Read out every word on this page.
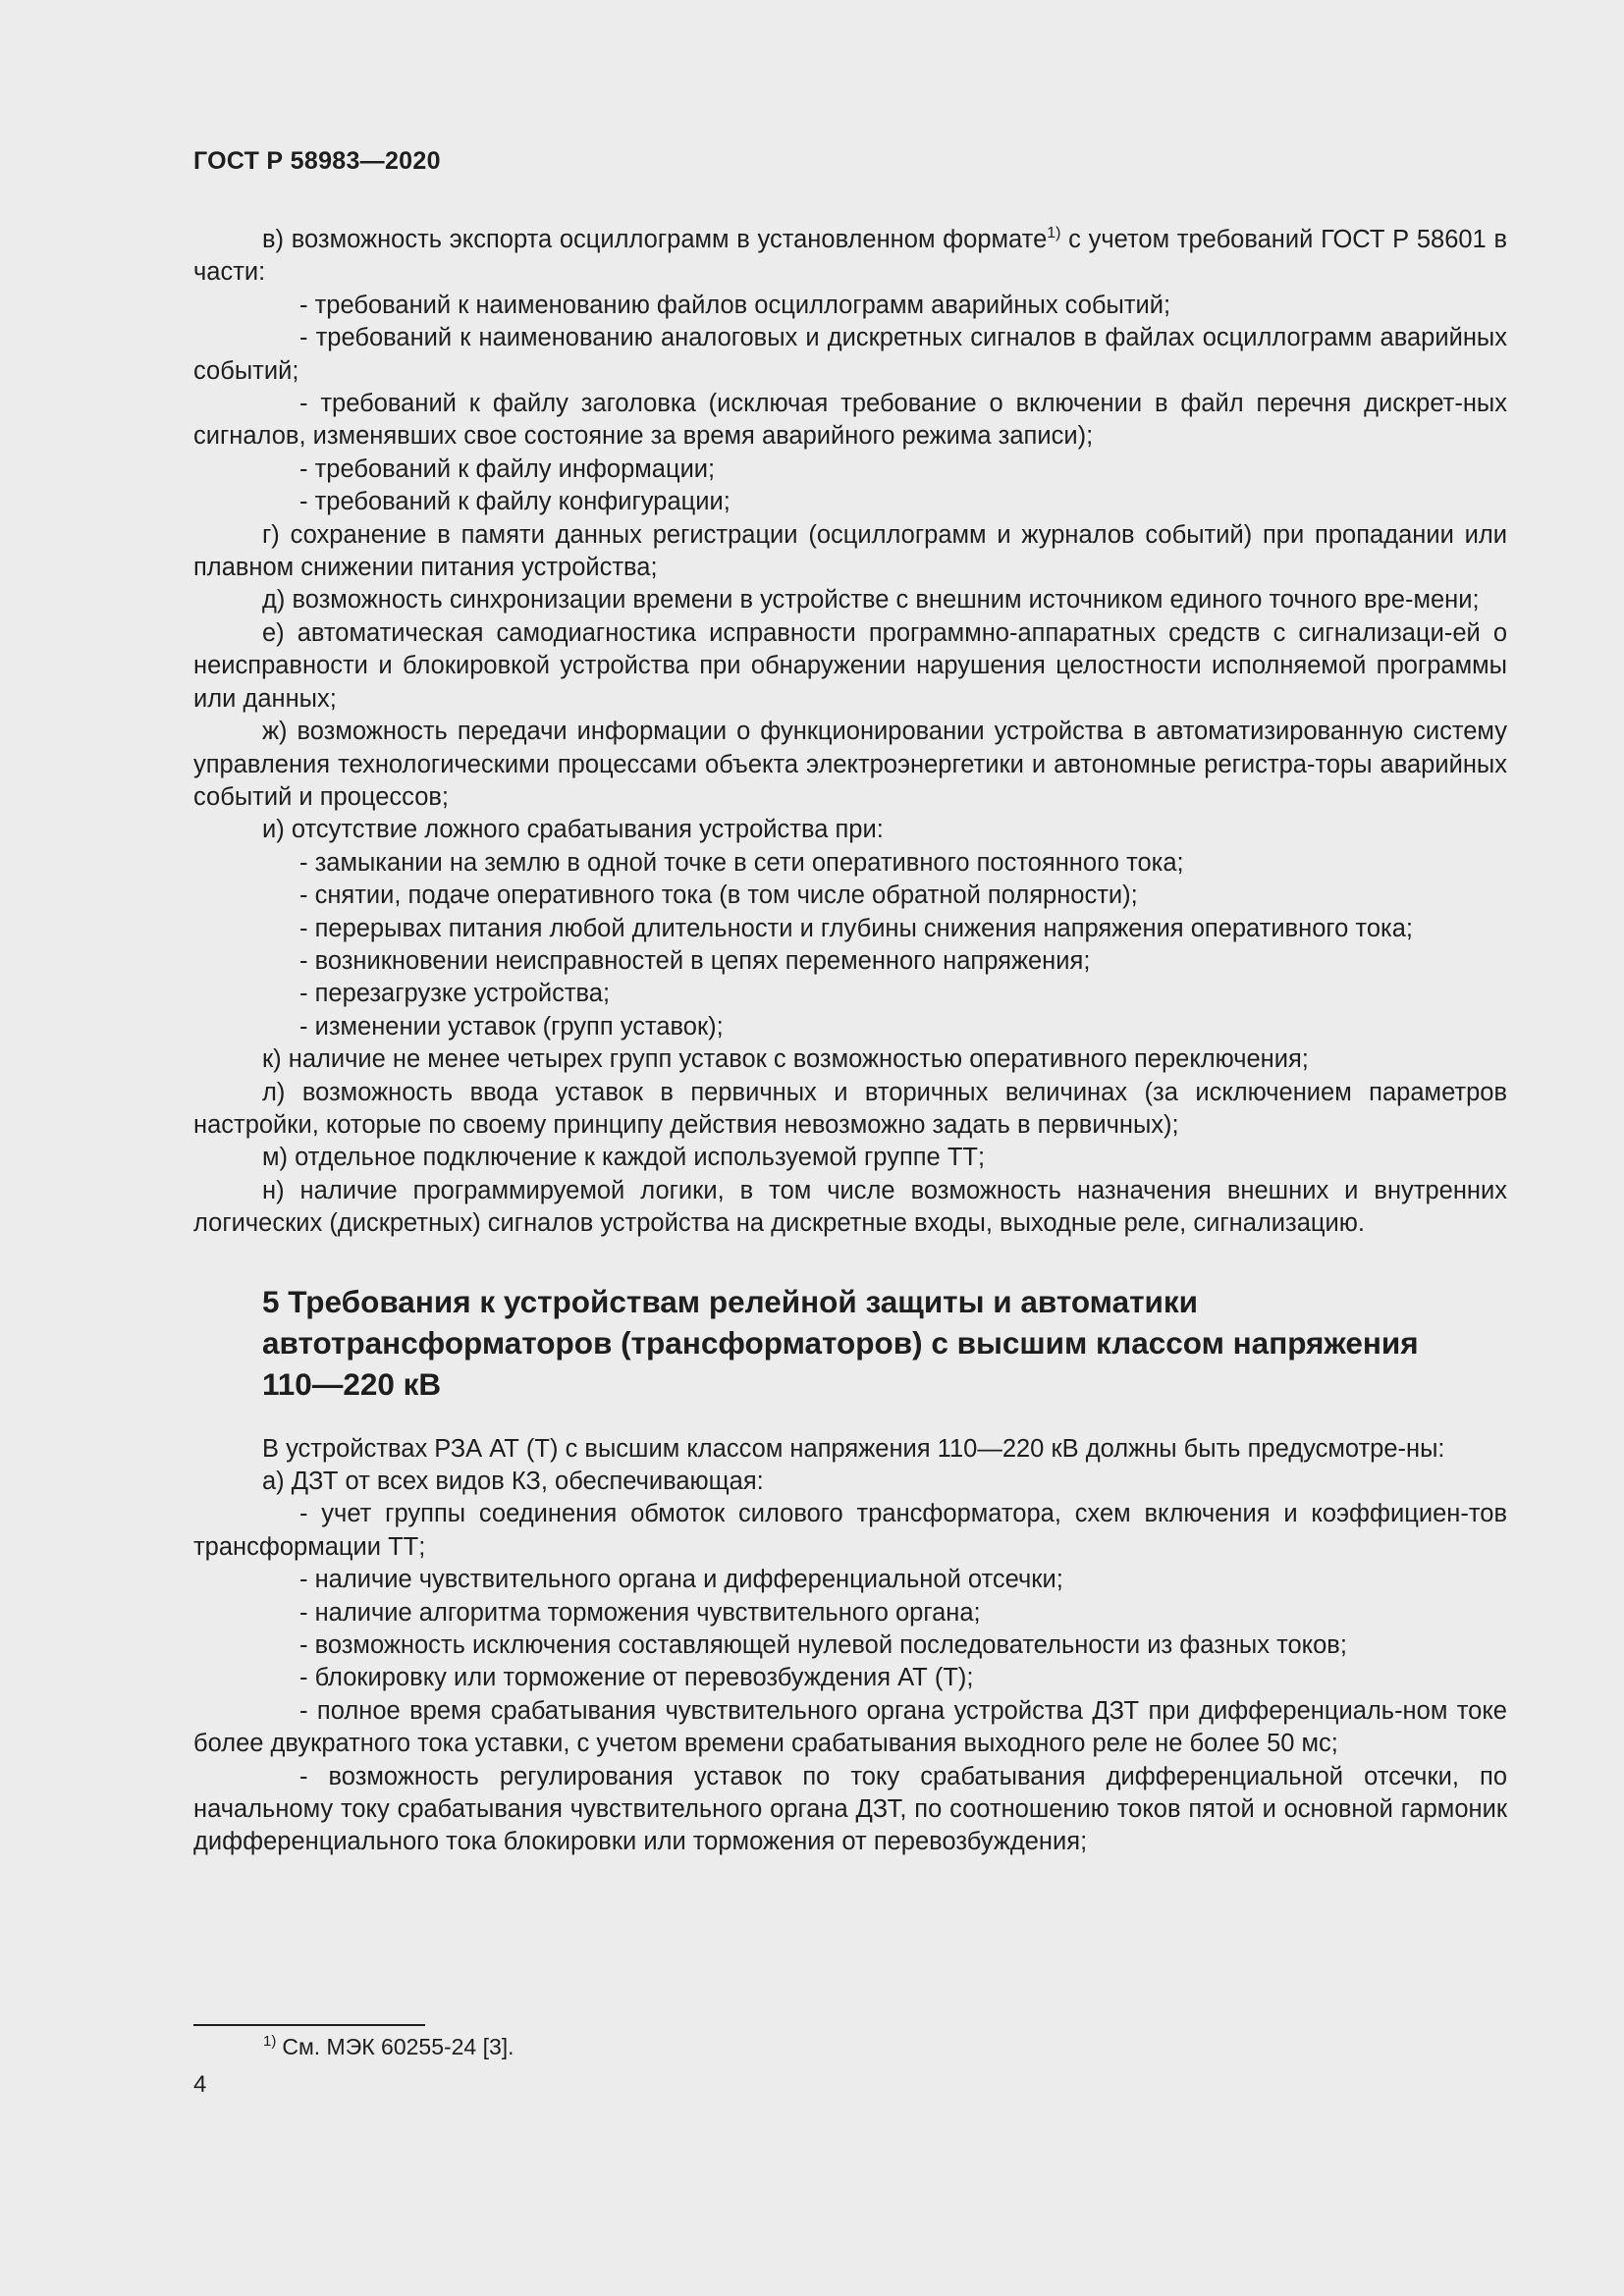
ГОСТ Р 58983—2020

в) возможность экспорта осциллограмм в установленном формате$^{1)}$ с учетом требований ГОСТ Р 58601 в части:

- требований к наименованию файлов осциллограмм аварийных событий;

- требований к наименованию аналоговых и дискретных сигналов в файлах осциллограмм аварийных событий;

- требований к файлу заголовка (исключая требование о включении в файл перечня дискрет-ных сигналов, изменявших свое состояние за время аварийного режима записи);

- требований к файлу информации;

- требований к файлу конфигурации;

г) сохранение в памяти данных регистрации (осциллограмм и журналов событий) при пропадании или плавном снижении питания устройства;

д) возможность синхронизации времени в устройстве с внешним источником единого точного вре-мени;

е) автоматическая самодиагностика исправности программно-аппаратных средств с сигнализаци-ей о неисправности и блокировкой устройства при обнаружении нарушения целостности исполняемой программы или данных;

ж) возможность передачи информации о функционировании устройства в автоматизированную систему управления технологическими процессами объекта электроэнергетики и автономные регистра-торы аварийных событий и процессов;

и) отсутствие ложного срабатывания устройства при:

- замыкании на землю в одной точке в сети оперативного постоянного тока;

- снятии, подаче оперативного тока (в том числе обратной полярности);

- перерывах питания любой длительности и глубины снижения напряжения оперативного тока;

- возникновении неисправностей в цепях переменного напряжения;

- перезагрузке устройства;

- изменении уставок (групп уставок);

к) наличие не менее четырех групп уставок с возможностью оперативного переключения;

л) возможность ввода уставок в первичных и вторичных величинах (за исключением параметров настройки, которые по своему принципу действия невозможно задать в первичных);

м) отдельное подключение к каждой используемой группе ТТ;

н) наличие программируемой логики, в том числе возможность назначения внешних и внутренних логических (дискретных) сигналов устройства на дискретные входы, выходные реле, сигнализацию.

5 Требования к устройствам релейной защиты и автоматики
автотрансформаторов (трансформаторов) с высшим классом напряжения
110—220 кВ

В устройствах РЗА АТ (Т) с высшим классом напряжения 110—220 кВ должны быть предусмотре-ны:

а) ДЗТ от всех видов КЗ, обеспечивающая:

- учет группы соединения обмоток силового трансформатора, схем включения и коэффициен-тов трансформации ТТ;

- наличие чувствительного органа и дифференциальной отсечки;

- наличие алгоритма торможения чувствительного органа;

- возможность исключения составляющей нулевой последовательности из фазных токов;

- блокировку или торможение от перевозбуждения АТ (Т);

- полное время срабатывания чувствительного органа устройства ДЗТ при дифференциаль-ном токе более двукратного тока уставки, с учетом времени срабатывания выходного реле не более 50 мс;

- возможность регулирования уставок по току срабатывания дифференциальной отсечки, по начальному току срабатывания чувствительного органа ДЗТ, по соотношению токов пятой и основной гармоник дифференциального тока блокировки или торможения от перевозбуждения;

$^{1)}$ См. МЭК 60255-24 [3].
4
